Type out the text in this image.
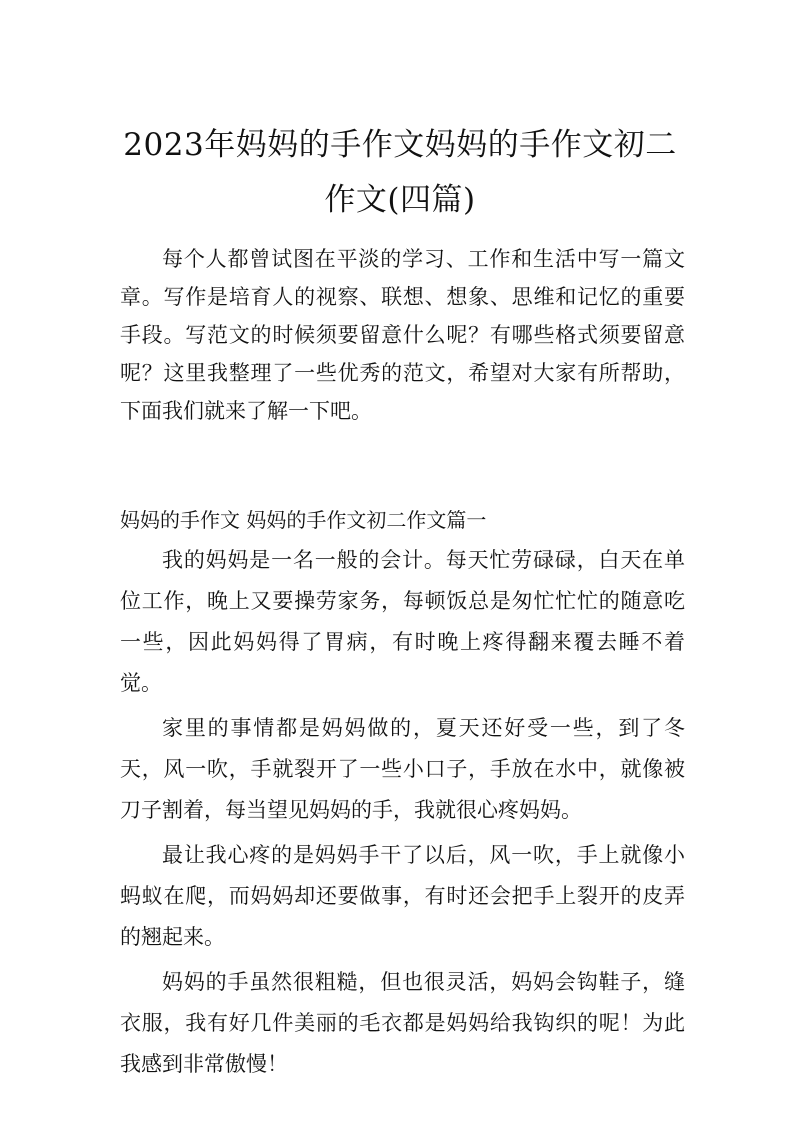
2023年妈妈的手作文妈妈的手作文初二作文(四篇)

每个人都曾试图在平淡的学习、工作和生活中写一篇文章。写作是培育人的视察、联想、想象、思维和记忆的重要手段。写范文的时候须要留意什么呢？有哪些格式须要留意呢？这里我整理了一些优秀的范文，希望对大家有所帮助，下面我们就来了解一下吧。

妈妈的手作文 妈妈的手作文初二作文篇一

我的妈妈是一名一般的会计。每天忙劳碌碌，白天在单位工作，晚上又要操劳家务，每顿饭总是匆忙忙忙的随意吃一些，因此妈妈得了胃病，有时晚上疼得翻来覆去睡不着觉。

家里的事情都是妈妈做的，夏天还好受一些，到了冬天，风一吹，手就裂开了一些小口子，手放在水中，就像被刀子割着，每当望见妈妈的手，我就很心疼妈妈。

最让我心疼的是妈妈手干了以后，风一吹，手上就像小蚂蚁在爬，而妈妈却还要做事，有时还会把手上裂开的皮弄的翘起来。

妈妈的手虽然很粗糙，但也很灵活，妈妈会钩鞋子，缝衣服，我有好几件美丽的毛衣都是妈妈给我钩织的呢！为此我感到非常傲慢！
